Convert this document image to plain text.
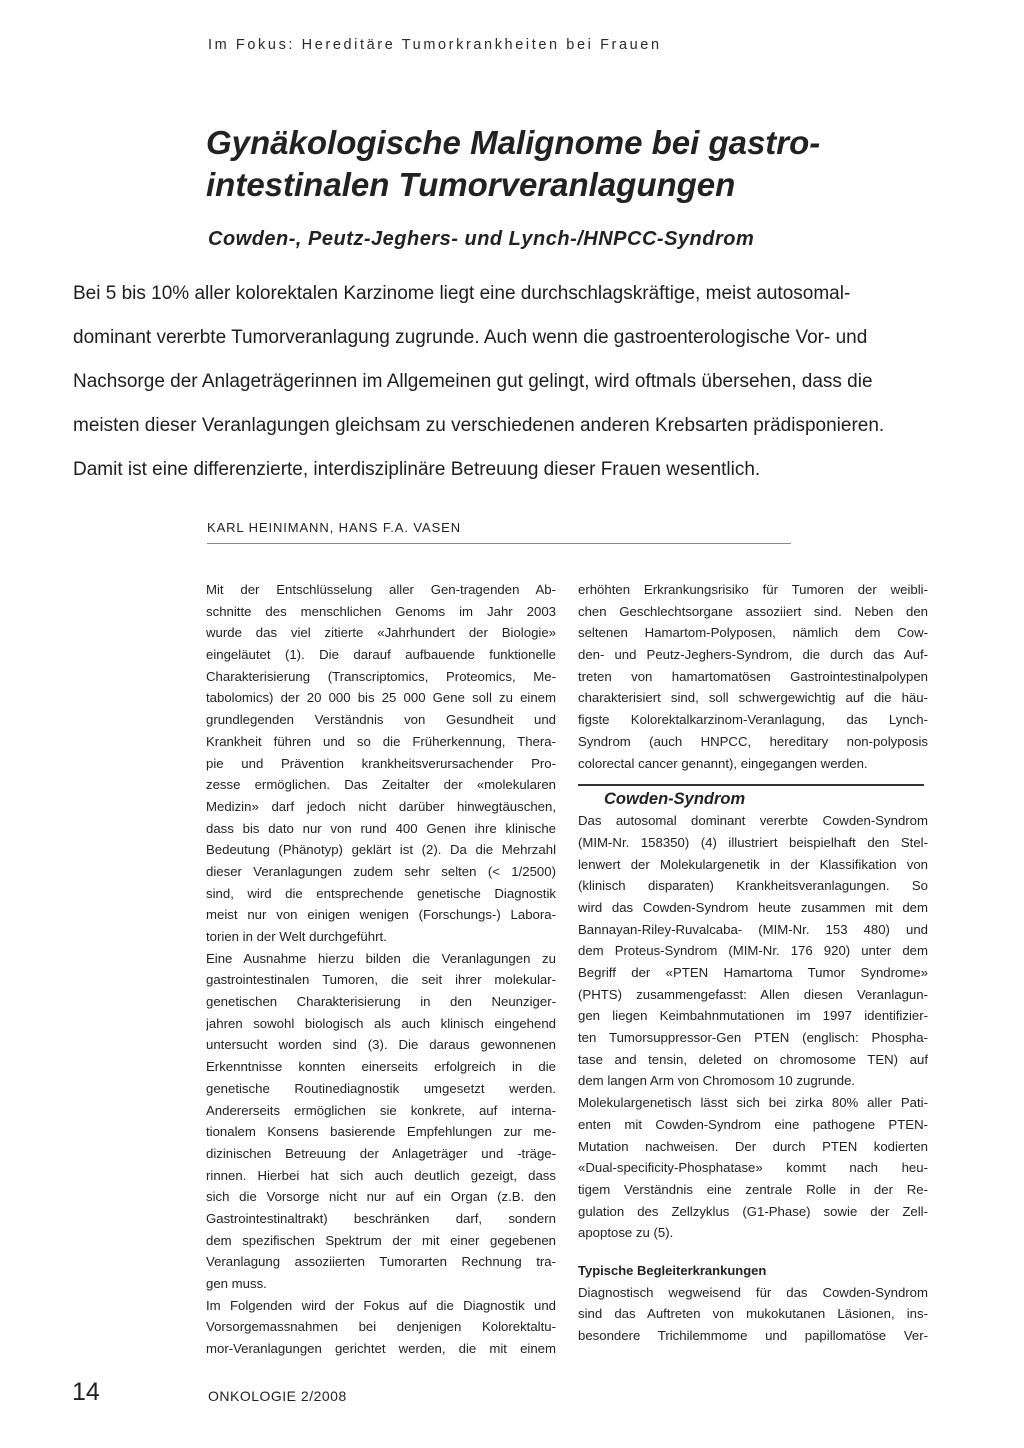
Im Fokus: Hereditäre Tumorkrankheiten bei Frauen
Gynäkologische Malignome bei gastro-
intestinalen Tumorveranlagungen
Cowden-, Peutz-Jeghers- und Lynch-/HNPCC-Syndrom
Bei 5 bis 10% aller kolorektalen Karzinome liegt eine durchschlagskräftige, meist autosomal-
dominant vererbte Tumorveranlagung zugrunde. Auch wenn die gastroenterologische Vor- und
Nachsorge der Anlageträgerinnen im Allgemeinen gut gelingt, wird oftmals übersehen, dass die
meisten dieser Veranlagungen gleichsam zu verschiedenen anderen Krebsarten prädisponieren.
Damit ist eine differenzierte, interdisziplinäre Betreuung dieser Frauen wesentlich.
KARL HEINIMANN, HANS F.A. VASEN
Mit der Entschlüsselung aller Gen-tragenden Ab-
schnitte des menschlichen Genoms im Jahr 2003
wurde das viel zitierte «Jahrhundert der Biologie»
eingeläutet (1). Die darauf aufbauende funktionelle
Charakterisierung (Transcriptomics, Proteomics, Me-
tabolomics) der 20 000 bis 25 000 Gene soll zu einem
grundlegenden Verständnis von Gesundheit und
Krankheit führen und so die Früherkennung, Thera-
pie und Prävention krankheitsverursachender Pro-
zesse ermöglichen. Das Zeitalter der «molekularen
Medizin» darf jedoch nicht darüber hinwegtäuschen,
dass bis dato nur von rund 400 Genen ihre klinische
Bedeutung (Phänotyp) geklärt ist (2). Da die Mehrzahl
dieser Veranlagungen zudem sehr selten (< 1/2500)
sind, wird die entsprechende genetische Diagnostik
meist nur von einigen wenigen (Forschungs-) Labora-
torien in der Welt durchgeführt.
Eine Ausnahme hierzu bilden die Veranlagungen zu
gastrointestinalen Tumoren, die seit ihrer molekular-
genetischen Charakterisierung in den Neunziger-
jahren sowohl biologisch als auch klinisch eingehend
untersucht worden sind (3). Die daraus gewonnenen
Erkenntnisse konnten einerseits erfolgreich in die
genetische Routinediagnostik umgesetzt werden.
Andererseits ermöglichen sie konkrete, auf interna-
tionalem Konsens basierende Empfehlungen zur me-
dizinischen Betreuung der Anlageträger und -träge-
rinnen. Hierbei hat sich auch deutlich gezeigt, dass
sich die Vorsorge nicht nur auf ein Organ (z.B. den
Gastrointestinaltrakt) beschränken darf, sondern
dem spezifischen Spektrum der mit einer gegebenen
Veranlagung assoziierten Tumorarten Rechnung tra-
gen muss.
Im Folgenden wird der Fokus auf die Diagnostik und
Vorsorgemassnahmen bei denjenigen Kolorektaltu-
mor-Veranlagungen gerichtet werden, die mit einem
erhöhten Erkrankungsrisiko für Tumoren der weibli-
chen Geschlechtsorgane assoziiert sind. Neben den
seltenen Hamartom-Polyposen, nämlich dem Cow-
den- und Peutz-Jeghers-Syndrom, die durch das Auf-
treten von hamartomatösen Gastrointestinalpolypen
charakterisiert sind, soll schwergewichtig auf die häu-
figste Kolorektalkarzinom-Veranlagung, das Lynch-
Syndrom (auch HNPCC, hereditary non-polyposis
colorectal cancer genannt), eingegangen werden.
Cowden-Syndrom
Das autosomal dominant vererbte Cowden-Syndrom
(MIM-Nr. 158350) (4) illustriert beispielhaft den Stel-
lenwert der Molekulargenetik in der Klassifikation von
(klinisch disparaten) Krankheitsveranlagungen. So
wird das Cowden-Syndrom heute zusammen mit dem
Bannayan-Riley-Ruvalcaba- (MIM-Nr. 153 480) und
dem Proteus-Syndrom (MIM-Nr. 176 920) unter dem
Begriff der «PTEN Hamartoma Tumor Syndrome»
(PHTS) zusammengefasst: Allen diesen Veranlagun-
gen liegen Keimbahnmutationen im 1997 identifizier-
ten Tumorsuppressor-Gen PTEN (englisch: Phospha-
tase and tensin, deleted on chromosome TEN) auf
dem langen Arm von Chromosom 10 zugrunde.
Molekulargenetisch lässt sich bei zirka 80% aller Pati-
enten mit Cowden-Syndrom eine pathogene PTEN-
Mutation nachweisen. Der durch PTEN kodierten
«Dual-specificity-Phosphatase» kommt nach heu-
tigem Verständnis eine zentrale Rolle in der Re-
gulation des Zellzyklus (G1-Phase) sowie der Zell-
apoptose zu (5).
Typische Begleiterkrankungen
Diagnostisch wegweisend für das Cowden-Syndrom
sind das Auftreten von mukokutanen Läsionen, ins-
besondere Trichilemmome und papillomatöse Ver-
14	ONKOLOGIE 2/2008
